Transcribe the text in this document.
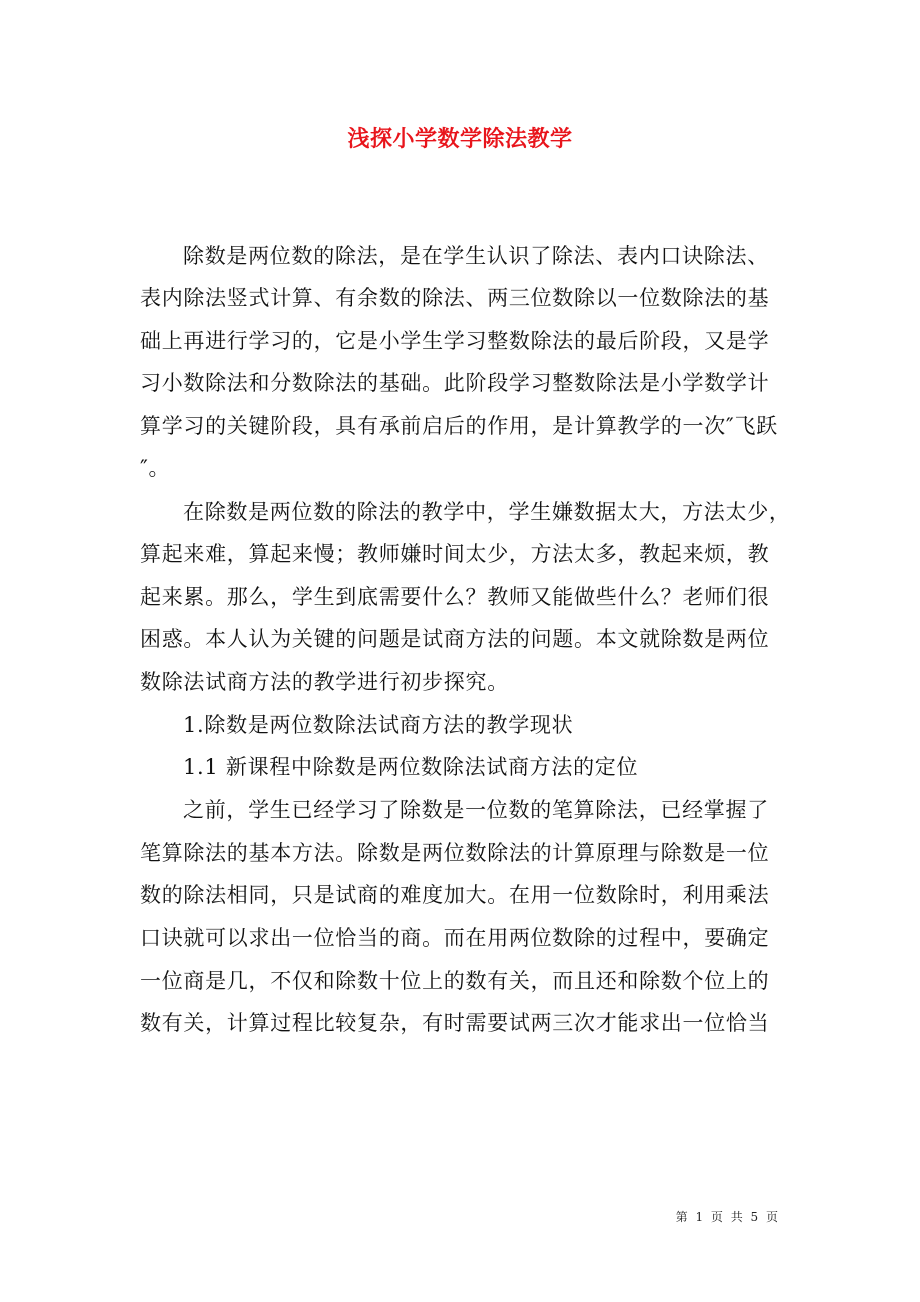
浅探小学数学除法教学
除数是两位数的除法，是在学生认识了除法、表内口诀除法、
表内除法竖式计算、有余数的除法、两三位数除以一位数除法的基
础上再进行学习的，它是小学生学习整数除法的最后阶段，又是学
习小数除法和分数除法的基础。此阶段学习整数除法是小学数学计
算学习的关键阶段，具有承前启后的作用，是计算教学的一次″飞跃
″。
在除数是两位数的除法的教学中，学生嫌数据太大，方法太少，
算起来难，算起来慢；教师嫌时间太少，方法太多，教起来烦，教
起来累。那么，学生到底需要什么？教师又能做些什么？老师们很
困惑。本人认为关键的问题是试商方法的问题。本文就除数是两位
数除法试商方法的教学进行初步探究。
1.除数是两位数除法试商方法的教学现状
1.1 新课程中除数是两位数除法试商方法的定位
之前，学生已经学习了除数是一位数的笔算除法，已经掌握了
笔算除法的基本方法。除数是两位数除法的计算原理与除数是一位
数的除法相同，只是试商的难度加大。在用一位数除时，利用乘法
口诀就可以求出一位恰当的商。而在用两位数除的过程中，要确定
一位商是几，不仅和除数十位上的数有关，而且还和除数个位上的
数有关，计算过程比较复杂，有时需要试两三次才能求出一位恰当
第 1 页 共 5 页
